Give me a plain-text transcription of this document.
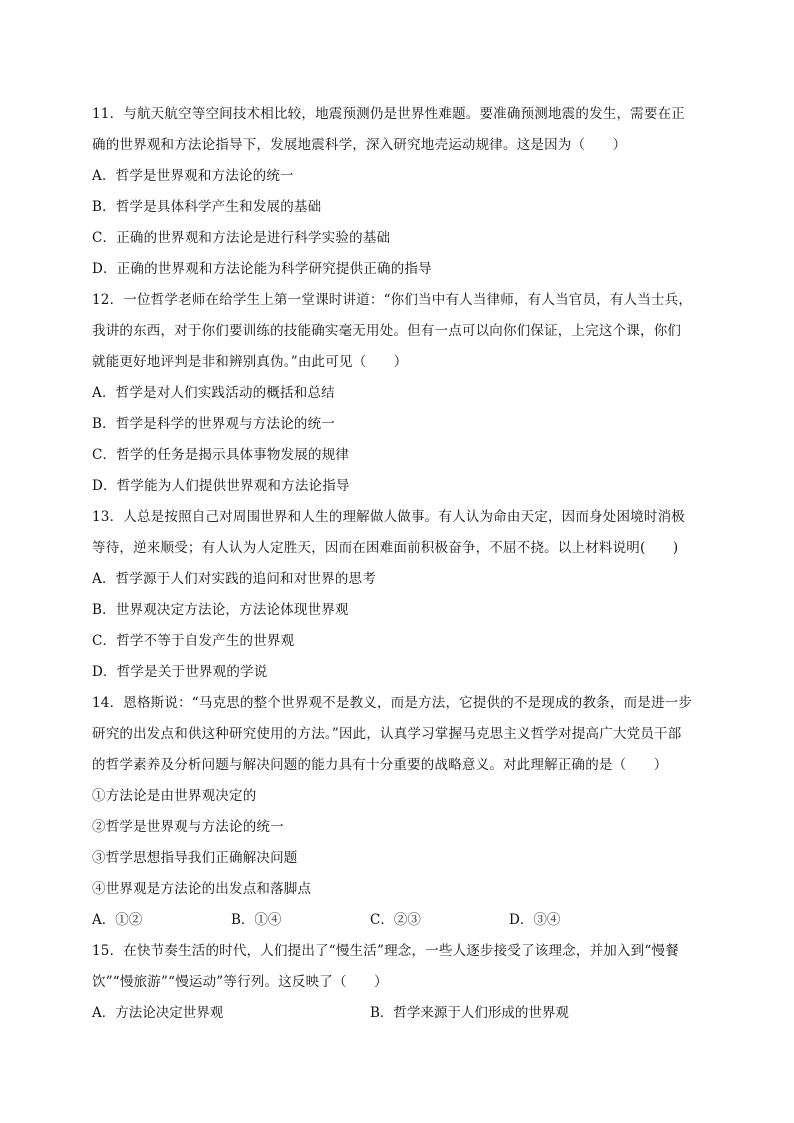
11．与航天航空等空间技术相比较，地震预测仍是世界性难题。要准确预测地震的发生，需要在正
确的世界观和方法论指导下，发展地震科学，深入研究地壳运动规律。这是因为（　　）
A．哲学是世界观和方法论的统一
B．哲学是具体科学产生和发展的基础
C．正确的世界观和方法论是进行科学实验的基础
D．正确的世界观和方法论能为科学研究提供正确的指导
12．一位哲学老师在给学生上第一堂课时讲道：“你们当中有人当律师，有人当官员，有人当士兵，
我讲的东西，对于你们要训练的技能确实毫无用处。但有一点可以向你们保证，上完这个课，你们
就能更好地评判是非和辨别真伪。”由此可见（　　）
A．哲学是对人们实践活动的概括和总结
B．哲学是科学的世界观与方法论的统一
C．哲学的任务是揭示具体事物发展的规律
D．哲学能为人们提供世界观和方法论指导
13．人总是按照自己对周围世界和人生的理解做人做事。有人认为命由天定，因而身处困境时消极
等待，逆来顺受；有人认为人定胜天，因而在困难面前积极奋争，不屈不挠。以上材料说明(　　)
A．哲学源于人们对实践的追问和对世界的思考
B．世界观决定方法论，方法论体现世界观
C．哲学不等于自发产生的世界观
D．哲学是关于世界观的学说
14．恩格斯说：“马克思的整个世界观不是教义，而是方法，它提供的不是现成的教条，而是进一步
研究的出发点和供这种研究使用的方法。”因此，认真学习掌握马克思主义哲学对提高广大党员干部
的哲学素养及分析问题与解决问题的能力具有十分重要的战略意义。对此理解正确的是（　　）
①方法论是由世界观决定的
②哲学是世界观与方法论的统一
③哲学思想指导我们正确解决问题
④世界观是方法论的出发点和落脚点
A．①②	B．①④	C．②③	D．③④
15．在快节奏生活的时代，人们提出了“慢生活”理念，一些人逐步接受了该理念，并加入到“慢餐
饮”“慢旅游”“慢运动”等行列。这反映了（　　）
A．方法论决定世界观	B．哲学来源于人们形成的世界观
